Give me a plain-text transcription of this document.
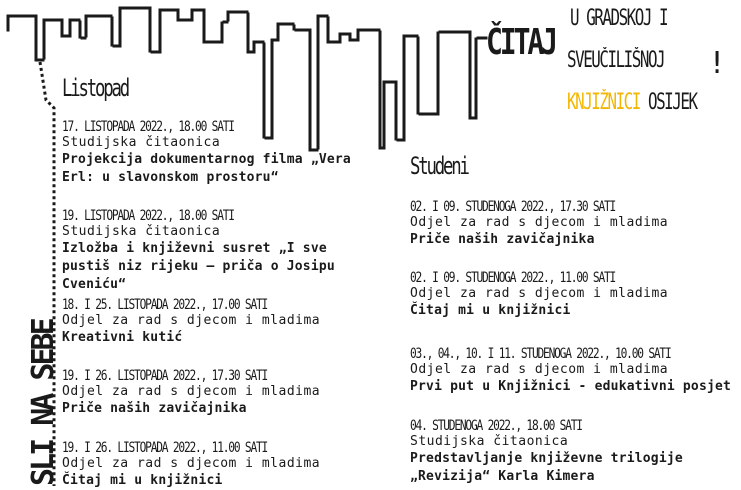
ČITAJ
U GRADSKOJ I
SVEUČILIŠNOJ
KNJIŽNICI OSIJEK
!
SLI NA SEBE
Listopad
17. LISTOPADA 2022., 18.00 SATI
Studijska čitaonica
Projekcija dokumentarnog filma „Vera Erl: u slavonskom prostoru“
19. LISTOPADA 2022., 18.00 SATI
Studijska čitaonica
Izložba i književni susret „I sve pustiš niz rijeku – priča o Josipu Cveniću“
18. I 25. LISTOPADA 2022., 17.00 SATI
Odjel za rad s djecom i mladima
Kreativni kutić
19. I 26. LISTOPADA 2022., 17.30 SATI
Odjel za rad s djecom i mladima
Priče naših zavičajnika
19. I 26. LISTOPADA 2022., 11.00 SATI
Odjel za rad s djecom i mladima
Čitaj mi u knjižnici
Studeni
02. I 09. STUDENOGA 2022., 17.30 SATI
Odjel za rad s djecom i mladima
Priče naših zavičajnika
02. I 09. STUDENOGA 2022., 11.00 SATI
Odjel za rad s djecom i mladima
Čitaj mi u knjižnici
03., 04., 10. I 11. STUDENOGA 2022., 10.00 SATI
Odjel za rad s djecom i mladima
Prvi put u Knjižnici - edukativni posjet
04. STUDENOGA 2022., 18.00 SATI
Studijska čitaonica
Predstavljanje književne trilogije „Revizija“ Karla Kimera
